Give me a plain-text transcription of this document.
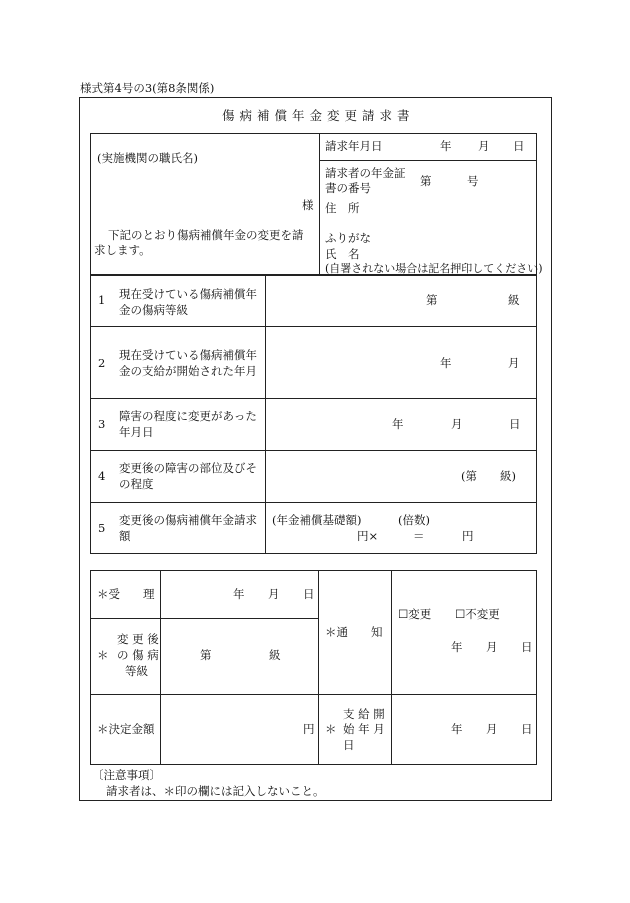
様式第4号の3(第8条関係)
傷病補償年金変更請求書
(実施機関の職氏名)
様
下記のとおり傷病補償年金の変更を請
求します。
請求年月日	年 月 日
請求者の年金証
書の番号	第	号
住　所
ふりがな
氏　名
(自署されない場合は記名押印してください)
1 現在受けている傷病補償年
金の傷病等級
第	級
2
現在受けている傷病補償年
金の支給が開始された年月
年	月
3
障害の程度に変更があった
年月日
年	月	日
4
変更後の障害の部位及びそ
の程度
(第 級)
5
変更後の傷病補償年金請求
額
(年金補償基礎額)	(倍数)
円×	＝	円
＊受　　理	年 月 日
変 更 後
＊ の 傷 病
等級
第	級
＊通　　知
☐変更 ☐不変更
年 月 日
＊決定金額	円
支 給 開
＊ 始 年 月
日
年 月 日
〔注意事項〕
請求者は、＊印の欄には記入しないこと。
